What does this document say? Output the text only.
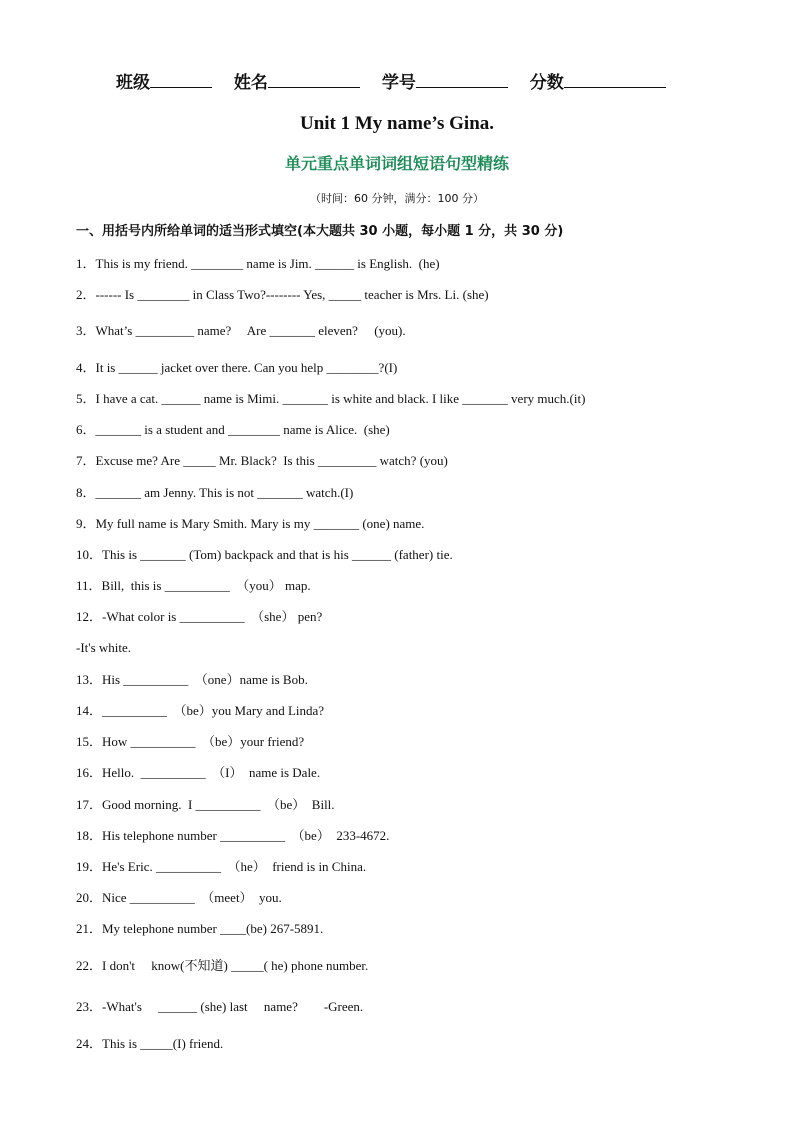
班级	姓名	学号	分数
Unit 1 My name’s Gina.
单元重点单词词组短语句型精练
（时间：60 分钟，满分：100 分）
一、用括号内所给单词的适当形式填空(本大题共 30 小题，每小题 1 分，共 30 分)
1．This is my friend. ________ name is Jim. ______ is English.  (he)
2．------ Is ________ in Class Two?-------- Yes, _____ teacher is Mrs. Li. (she)
3．What’s _________ name?     Are _______ eleven?     (you).
4．It is ______ jacket over there. Can you help ________?(I)
5．I have a cat. ______ name is Mimi. _______ is white and black. I like _______ very much.(it)
6．_______ is a student and ________ name is Alice.  (she)
7．Excuse me? Are _____ Mr. Black?  Is this _________ watch? (you)
8．_______ am Jenny. This is not _______ watch.(I)
9．My full name is Mary Smith. Mary is my _______ (one) name.
10．This is _______ (Tom) backpack and that is his ______ (father) tie.
11．Bill,  this is __________  （you） map.
12．-What color is __________  （she） pen?
-It's white.
13．His __________  （one）name is Bob.
14．__________  （be）you Mary and Linda?
15．How __________  （be）your friend?
16．Hello.  __________  （I）  name is Dale.
17．Good morning.  I __________  （be）  Bill.
18．His telephone number __________  （be）  233-4672.
19．He's Eric. __________  （he）  friend is in China.
20．Nice __________  （meet）  you.
21．My telephone number ____(be) 267-5891.
22．I don't     know(不知道) _____( he) phone number.
23．-What's     ______ (she) last     name?        -Green.
24．This is _____(I) friend.
